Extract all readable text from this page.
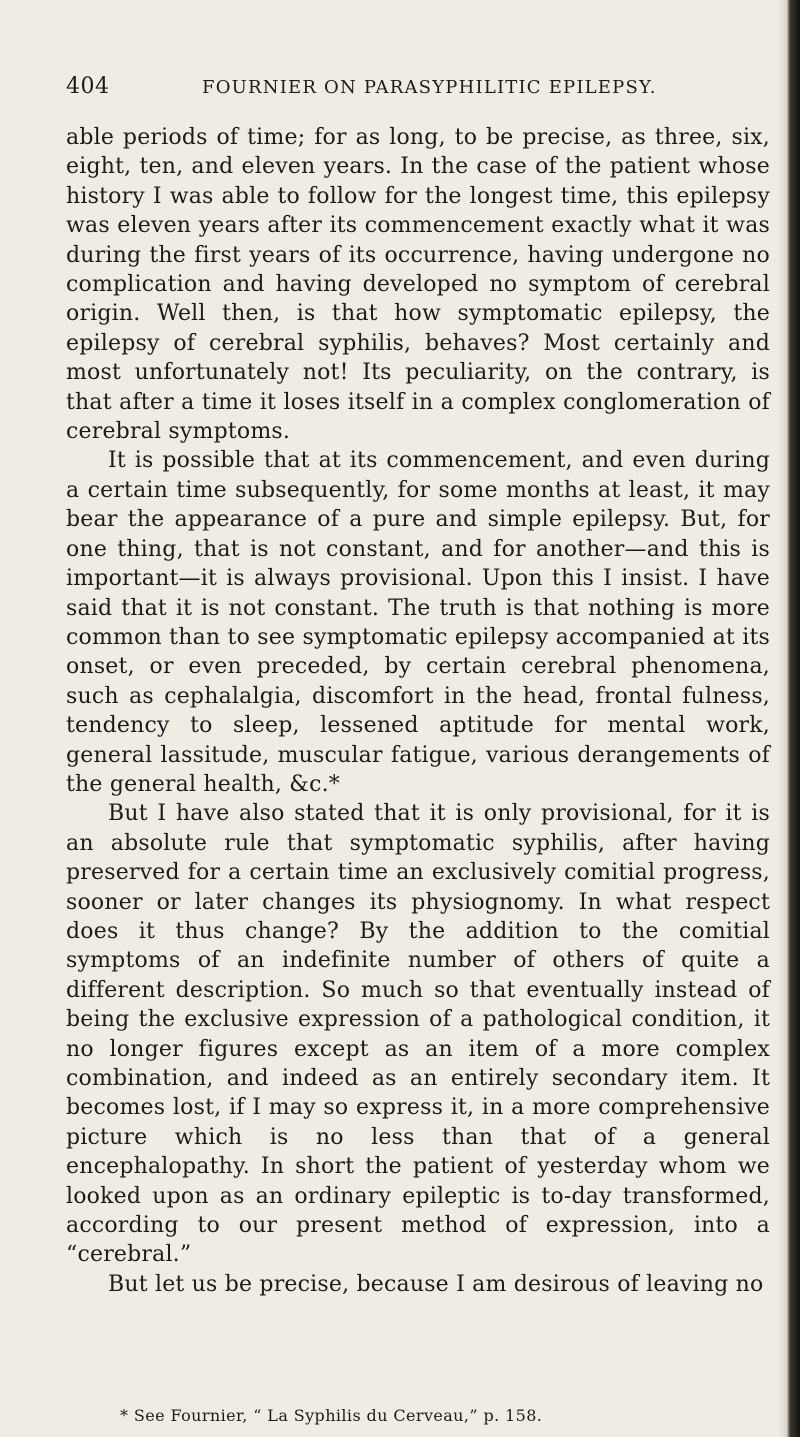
404	FOURNIER ON PARASYPHILITIC EPILEPSY.

able periods of time; for as long, to be precise, as three, six, eight, ten, and eleven years. In the case of the patient whose history I was able to follow for the longest time, this epilepsy was eleven years after its commencement exactly what it was during the first years of its occurrence, having undergone no complication and having developed no symptom of cerebral origin. Well then, is that how symptomatic epilepsy, the epilepsy of cerebral syphilis, behaves? Most certainly and most unfortunately not! Its peculiarity, on the contrary, is that after a time it loses itself in a complex conglomeration of cerebral symptoms.

It is possible that at its commencement, and even during a certain time subsequently, for some months at least, it may bear the appearance of a pure and simple epilepsy. But, for one thing, that is not constant, and for another—and this is important—it is always provisional. Upon this I insist. I have said that it is not constant. The truth is that nothing is more common than to see symptomatic epilepsy accompanied at its onset, or even preceded, by certain cerebral phenomena, such as cephalalgia, discomfort in the head, frontal fulness, tendency to sleep, lessened aptitude for mental work, general lassitude, muscular fatigue, various derangements of the general health, &c.*

But I have also stated that it is only provisional, for it is an absolute rule that symptomatic syphilis, after having preserved for a certain time an exclusively comitial progress, sooner or later changes its physiognomy. In what respect does it thus change? By the addition to the comitial symptoms of an indefinite number of others of quite a different description. So much so that eventually instead of being the exclusive expression of a pathological condition, it no longer figures except as an item of a more complex combination, and indeed as an entirely secondary item. It becomes lost, if I may so express it, in a more comprehensive picture which is no less than that of a general encephalopathy. In short the patient of yesterday whom we looked upon as an ordinary epileptic is to-day transformed, according to our present method of expression, into a “cerebral.”

But let us be precise, because I am desirous of leaving no

* See Fournier, “ La Syphilis du Cerveau,” p. 158.
